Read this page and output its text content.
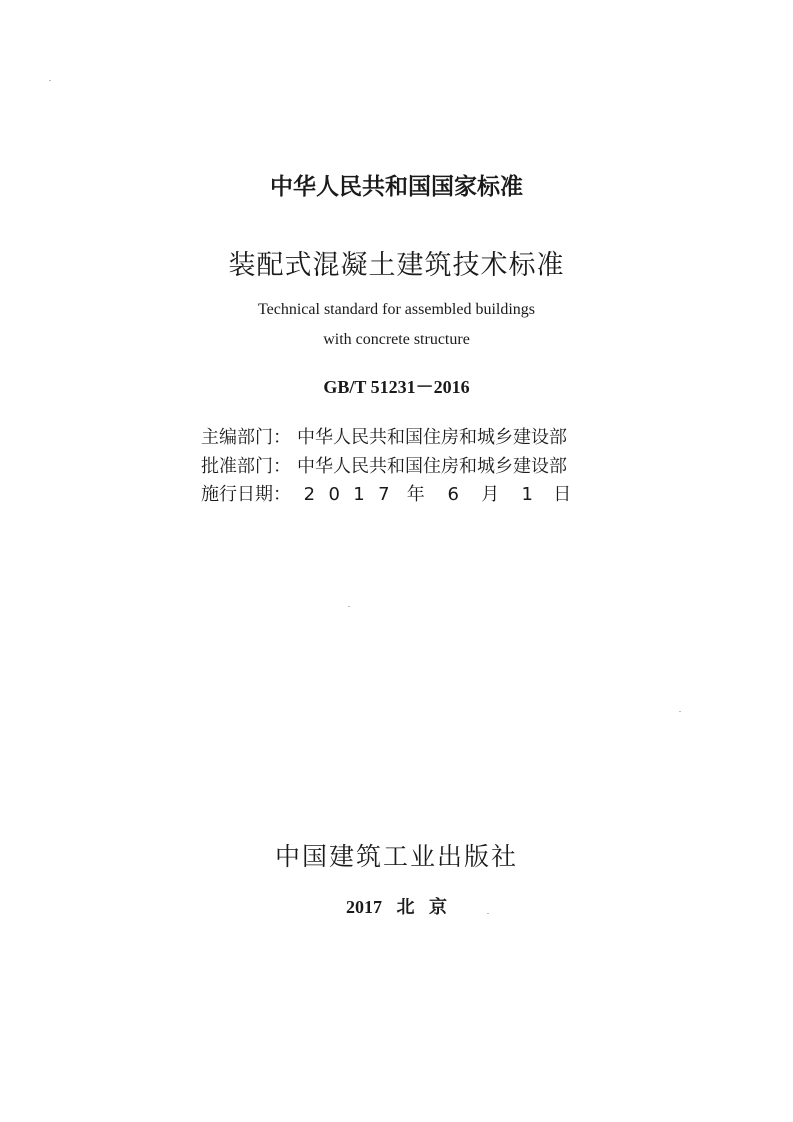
中华人民共和国国家标准
装配式混凝土建筑技术标准
Technical standard for assembled buildings
with concrete structure
GB/T 51231－2016
主编部门： 中华人民共和国住房和城乡建设部
批准部门： 中华人民共和国住房和城乡建设部
施行日期： 2 0 1 7 年 6 月 1 日
中国建筑工业出版社
2017 北 京
